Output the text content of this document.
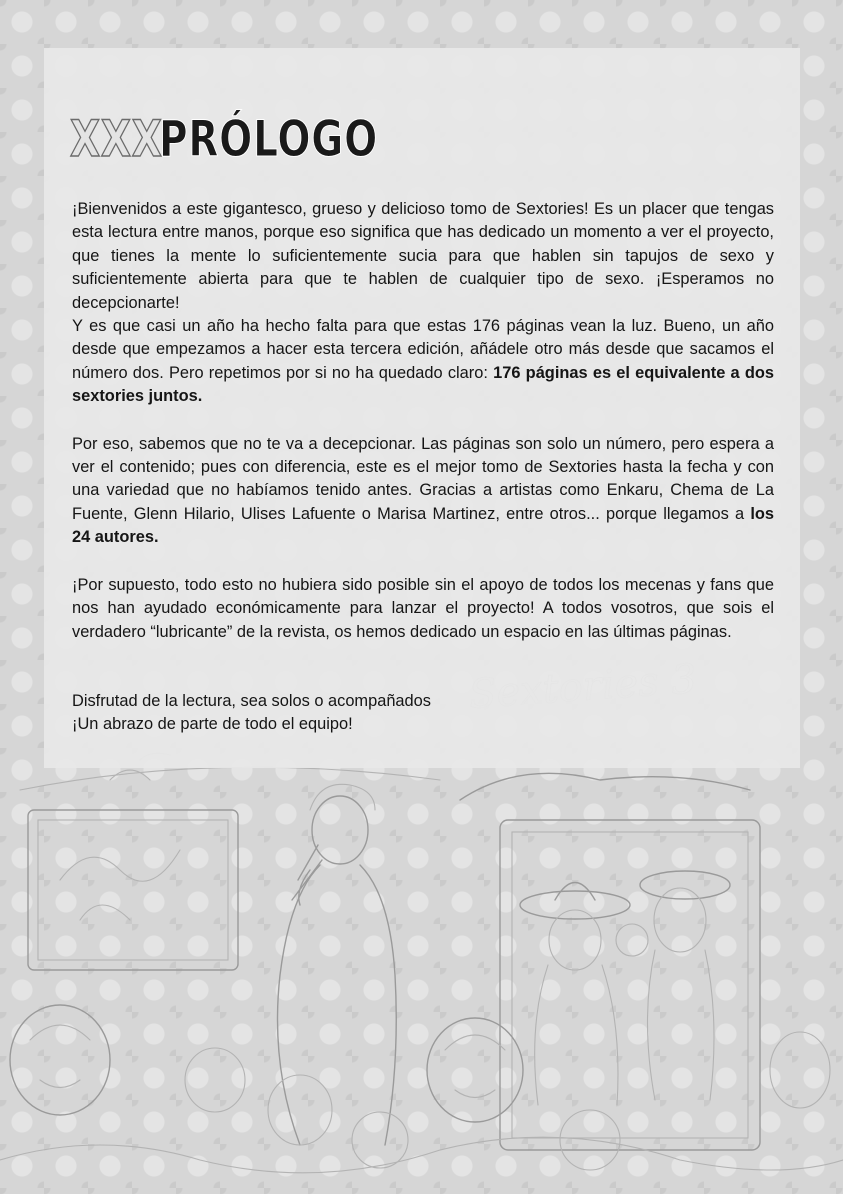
XXXPRÓLOGO

¡Bienvenidos a este gigantesco, grueso y delicioso tomo de Sextories! Es un placer que tengas esta lectura entre manos, porque eso significa que has dedicado un momento a ver el proyecto, que tienes la mente lo suficientemente sucia para que hablen sin tapujos de sexo y suficientemente abierta para que te hablen de cualquier tipo de sexo. ¡Esperamos no decepcionarte!

Y es que casi un año ha hecho falta para que estas 176 páginas vean la luz. Bueno, un año desde que empezamos a hacer esta tercera edición, añádele otro más desde que sacamos el número dos. Pero repetimos por si no ha quedado claro: 176 páginas es el equivalente a dos sextories juntos.

Por eso, sabemos que no te va a decepcionar. Las páginas son solo un número, pero espera a ver el contenido; pues con diferencia, este es el mejor tomo de Sextories hasta la fecha y con una variedad que no habíamos tenido antes. Gracias a artistas como Enkaru, Chema de La Fuente, Glenn Hilario, Ulises Lafuente o Marisa Martinez, entre otros... porque llegamos a los 24 autores.

¡Por supuesto, todo esto no hubiera sido posible sin el apoyo de todos los mecenas y fans que nos han ayudado económicamente para lanzar el proyecto! A todos vosotros, que sois el verdadero “lubricante” de la revista, os hemos dedicado un espacio en las últimas páginas.

Disfrutad de la lectura, sea solos o acompañados

¡Un abrazo de parte de todo el equipo!
